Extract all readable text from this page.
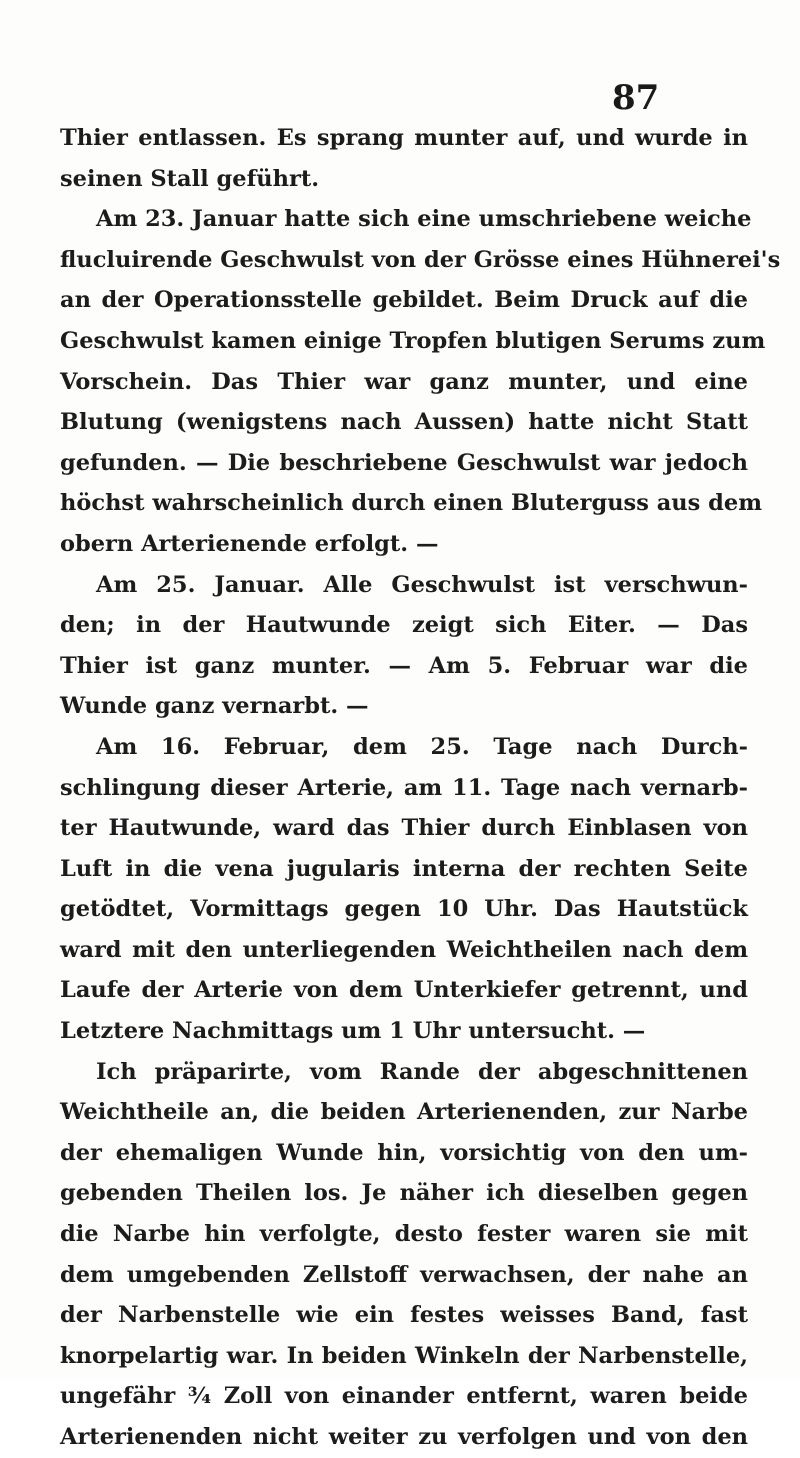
87
Thier entlassen. Es sprang munter auf, und wurde in
seinen Stall geführt.
Am 23. Januar hatte sich eine umschriebene weiche
flucluirende Geschwulst von der Grösse eines Hühnerei's
an der Operationsstelle gebildet. Beim Druck auf die
Geschwulst kamen einige Tropfen blutigen Serums zum
Vorschein. Das Thier war ganz munter, und eine
Blutung (wenigstens nach Aussen) hatte nicht Statt
gefunden. — Die beschriebene Geschwulst war jedoch
höchst wahrscheinlich durch einen Bluterguss aus dem
obern Arterienende erfolgt. —
Am 25. Januar. Alle Geschwulst ist verschwun-
den; in der Hautwunde zeigt sich Eiter. — Das
Thier ist ganz munter. — Am 5. Februar war die
Wunde ganz vernarbt. —
Am 16. Februar, dem 25. Tage nach Durch-
schlingung dieser Arterie, am 11. Tage nach vernarb-
ter Hautwunde, ward das Thier durch Einblasen von
Luft in die vena jugularis interna der rechten Seite
getödtet, Vormittags gegen 10 Uhr. Das Hautstück
ward mit den unterliegenden Weichtheilen nach dem
Laufe der Arterie von dem Unterkiefer getrennt, und
Letztere Nachmittags um 1 Uhr untersucht. —
Ich präparirte, vom Rande der abgeschnittenen
Weichtheile an, die beiden Arterienenden, zur Narbe
der ehemaligen Wunde hin, vorsichtig von den um-
gebenden Theilen los. Je näher ich dieselben gegen
die Narbe hin verfolgte, desto fester waren sie mit
dem umgebenden Zellstoff verwachsen, der nahe an
der Narbenstelle wie ein festes weisses Band, fast
knorpelartig war. In beiden Winkeln der Narbenstelle,
ungefähr ¾ Zoll von einander entfernt, waren beide
Arterienenden nicht weiter zu verfolgen und von den
